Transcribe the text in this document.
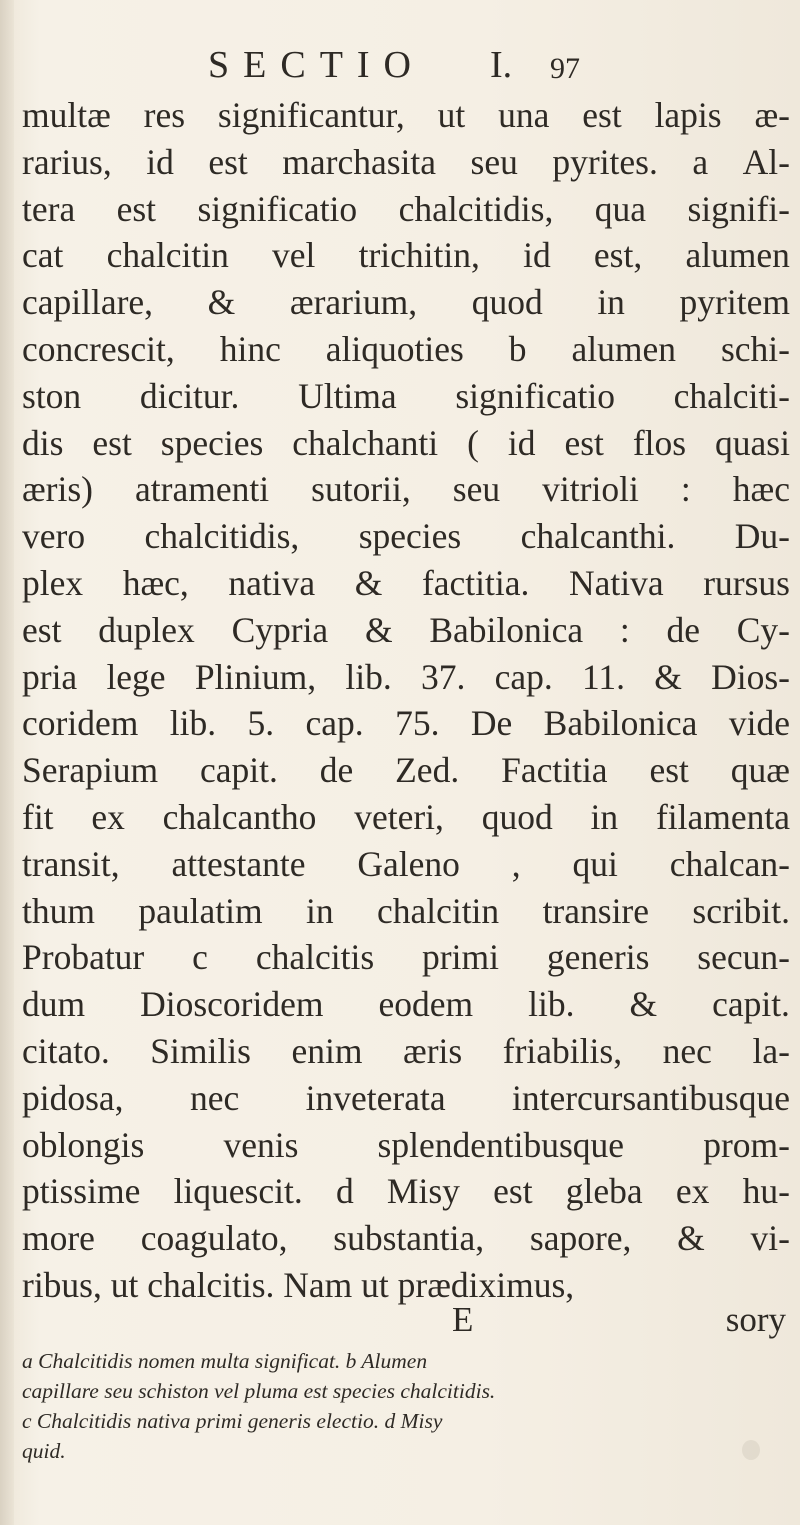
SECTIO I. 97
multæ res significantur, ut una est lapis æ-
rarius, id est marchasita seu pyrites. a Al-
tera est significatio chalcitidis, qua signifi-
cat chalcitin vel trichitin, id est, alumen
capillare, & ærarium, quod in pyritem
concrescit, hinc aliquoties b alumen schi-
ston dicitur. Ultima significatio chalciti-
dis est species chalchanti ( id est flos quasi
æris) atramenti sutorii, seu vitrioli : hæc
vero chalcitidis, species chalcanthi. Du-
plex hæc, nativa & factitia. Nativa rursus
est duplex Cypria & Babilonica : de Cy-
pria lege Plinium, lib. 37. cap. 11. & Dios-
coridem lib. 5. cap. 75. De Babilonica vide
Serapium capit. de Zed. Factitia est quæ
fit ex chalcantho veteri, quod in filamenta
transit, attestante Galeno , qui chalcan-
thum paulatim in chalcitin transire scribit.
Probatur c chalcitis primi generis secun-
dum Dioscoridem eodem lib. & capit.
citato. Similis enim æris friabilis, nec la-
pidosa, nec inveterata intercursantibusque
oblongis venis splendentibusque prom-
ptissime liquescit. d Misy est gleba ex hu-
more coagulato, substantia, sapore, & vi-
ribus, ut chalcitis. Nam ut prædiximus,
E	sory
a Chalcitidis nomen multa significat. b Alumen
capillare seu schiston vel pluma est species chalcitidis.
c Chalcitidis nativa primi generis electio. d Misy
quid.
